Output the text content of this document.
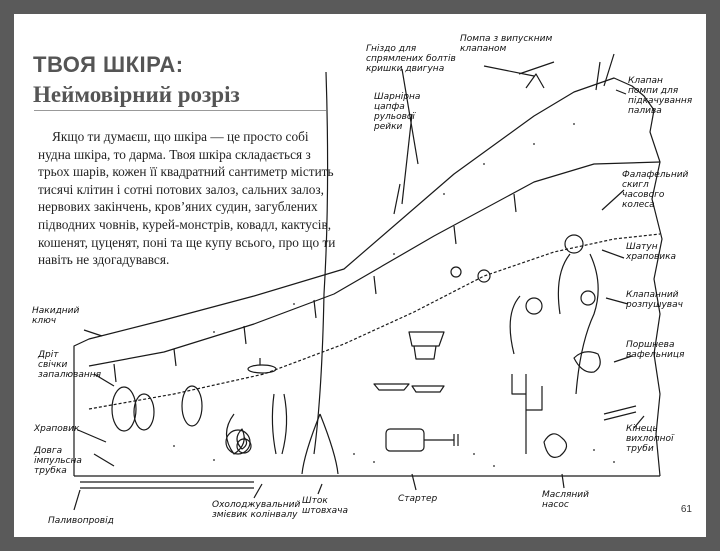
ТВОЯ ШКІРА:
Неймовірний розріз

Якщо ти думаєш, що шкіра — це просто собі нудна шкіра, то дарма. Твоя шкіра складається з трьох шарів, кожен її квадратний сантиметр містить тисячі клітин і сотні потових залоз, сальних залоз, нервових закінчень, кров’яних судин, загублених підводних човнів, курей-монстрів, ковадл, кактусів, кошенят, цуценят, поні та ще купу всього, про що ти навіть не здогадувався.

Гніздо для
спрямлених болтів
кришки двигуна
Помпа з випускним
клапаном
Клапан
помпи для
підкачування
палива
Шарнірна
цапфа
рульової
рейки
Фалафельний
скигл
часового
колеса
Шатун
храповика
Клапанний
розпушувач
Накидний
ключ
Поршнева
вафельниця
Дріт
свічки
запалювання
Храповик
Довга
імпульсна
трубка
Кінець
вихлопної
труби
Паливопровід
Охолоджувальний
змієвик колінвалу
Шток
штовхача
Стартер	Масляний
насос	61
